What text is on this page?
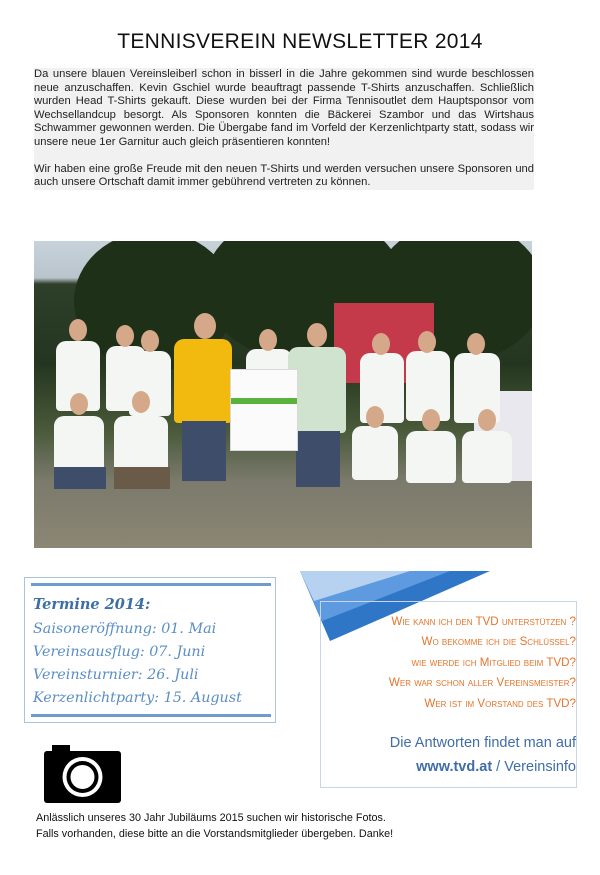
TENNISVEREIN NEWSLETTER 2014

Da unsere blauen Vereinsleiberl schon in bisserl in die Jahre gekommen sind wurde beschlossen neue anzuschaffen. Kevin Gschiel wurde beauftragt passende T-Shirts anzuschaffen. Schließlich wurden Head T-Shirts gekauft. Diese wurden bei der Firma Tennisoutlet dem Hauptsponsor vom Wechsellandcup besorgt. Als Sponsoren konnten die Bäckerei Szambor und das Wirtshaus Schwammer gewonnen werden. Die Übergabe fand im Vorfeld der Kerzenlichtparty statt, sodass wir unsere neue 1er Garnitur auch gleich präsentieren konnten!

Wir haben eine große Freude mit den neuen T-Shirts und werden versuchen unsere Sponsoren und auch unsere Ortschaft damit immer gebührend vertreten zu können.

Termine 2014:
Saisoneröffnung: 01. Mai
Vereinsausflug: 07. Juni
Vereinsturnier: 26. Juli
Kerzenlichtparty: 15. August
Wie kann ich den TVD unterstützen ?
Wo bekomme ich die Schlüssel?
wie werde ich Mitglied beim TVD?
Wer war schon aller Vereinsmeister?
Wer ist im Vorstand des TVD?
Die Antworten findet man auf
www.tvd.at / Vereinsinfo

Anlässlich unseres 30 Jahr Jubiläums 2015 suchen wir historische Fotos.

Falls vorhanden, diese bitte an die Vorstandsmitglieder übergeben. Danke!
